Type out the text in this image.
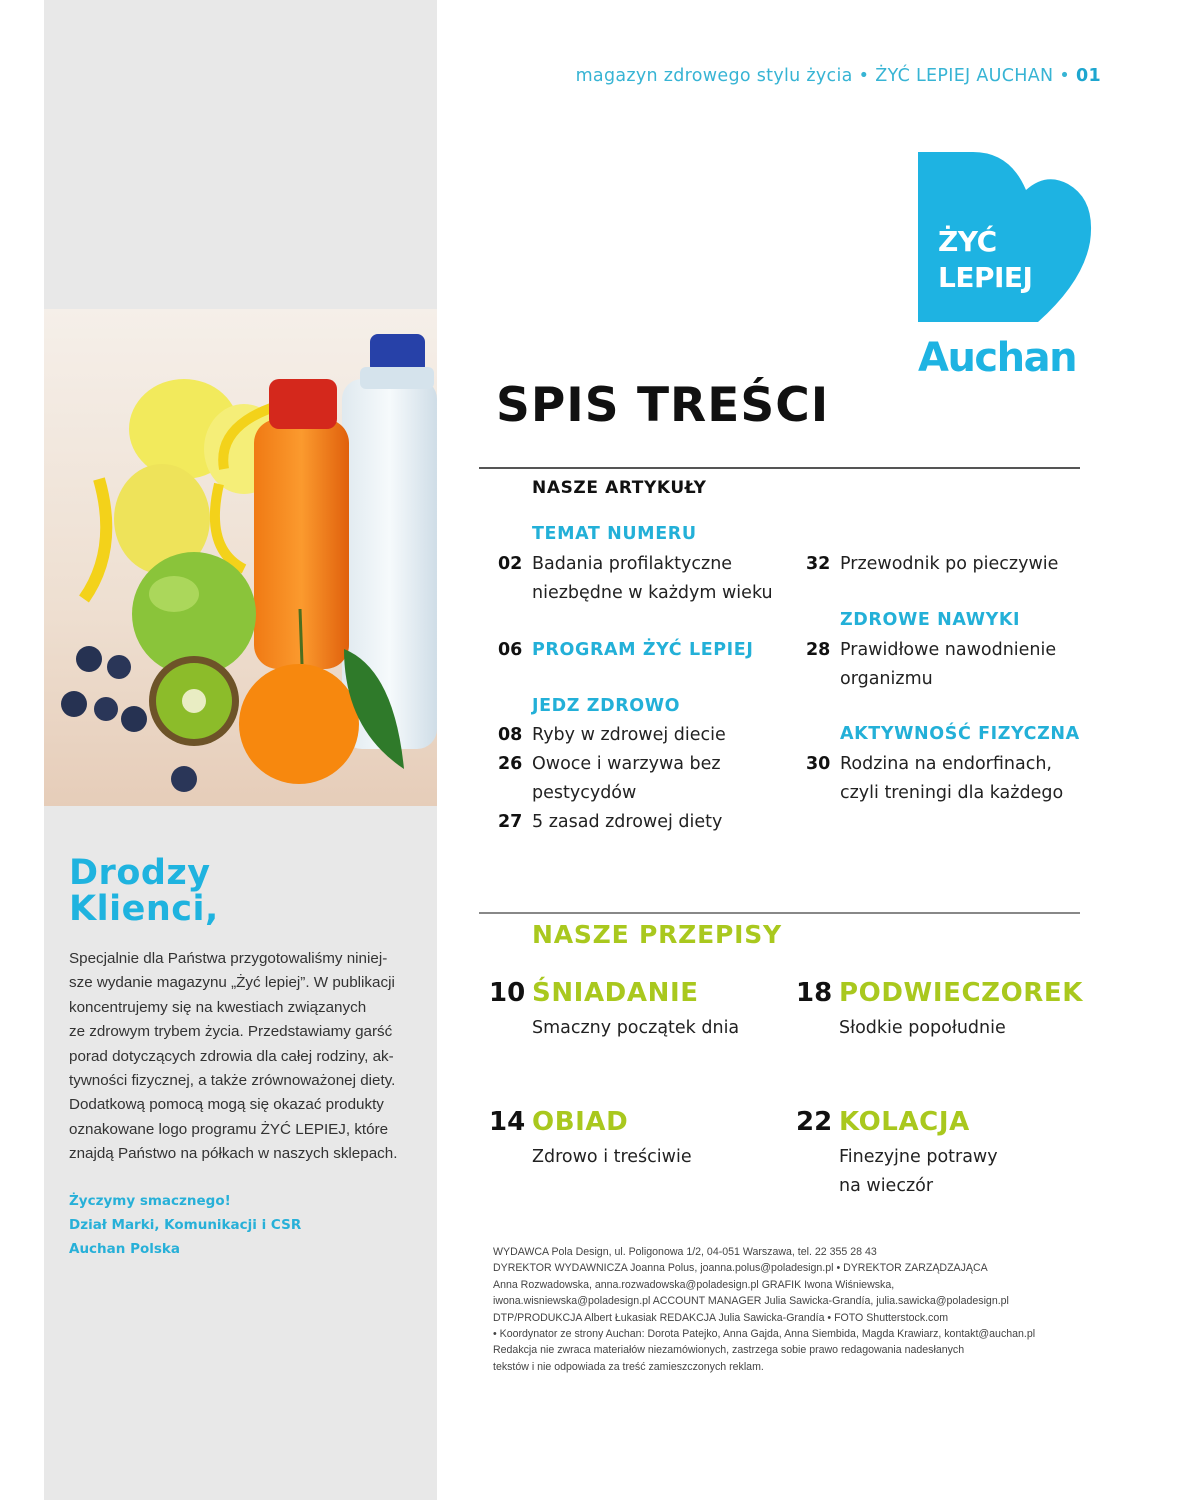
Drodzy
Klienci,
Specjalnie dla Państwa przygotowaliśmy niniej-
sze wydanie magazynu „Żyć lepiej”. W publikacji
koncentrujemy się na kwestiach związanych
ze zdrowym trybem życia. Przedstawiamy garść
porad dotyczących zdrowia dla całej rodziny, ak-
tywności fizycznej, a także zrównoważonej diety.
Dodatkową pomocą mogą się okazać produkty
oznakowane logo programu ŻYĆ LEPIEJ, które
znajdą Państwo na półkach w naszych sklepach.
Życzymy smacznego!
Dział Marki, Komunikacji i CSR
Auchan Polska
magazyn zdrowego stylu życia • ŻYĆ LEPIEJ AUCHAN • 01
ŻYĆ
LEPIEJ
Auchan
SPIS TREŚCI
NASZE ARTYKUŁY
TEMAT NUMERU
02 Badania profilaktyczne
niezbędne w każdym wieku
06 PROGRAM ŻYĆ LEPIEJ
JEDZ ZDROWO
08 Ryby w zdrowej diecie
26 Owoce i warzywa bez
pestycydów
27 5 zasad zdrowej diety
32 Przewodnik po pieczywie
ZDROWE NAWYKI
28 Prawidłowe nawodnienie
organizmu
AKTYWNOŚĆ FIZYCZNA
30 Rodzina na endorfinach,
czyli treningi dla każdego
NASZE PRZEPISY
10 ŚNIADANIE
Smaczny początek dnia
18 PODWIECZOREK
Słodkie popołudnie
14 OBIAD
Zdrowo i treściwie
22 KOLACJA
Finezyjne potrawy
na wieczór
WYDAWCA Pola Design, ul. Poligonowa 1/2, 04-051 Warszawa, tel. 22 355 28 43
DYREKTOR WYDAWNICZA Joanna Polus, joanna.polus@poladesign.pl • DYREKTOR ZARZĄDZAJĄCA
Anna Rozwadowska, anna.rozwadowska@poladesign.pl GRAFIK Iwona Wiśniewska,
iwona.wisniewska@poladesign.pl ACCOUNT MANAGER Julia Sawicka-Grandía, julia.sawicka@poladesign.pl
DTP/PRODUKCJA Albert Łukasiak REDAKCJA Julia Sawicka-Grandía • FOTO Shutterstock.com
• Koordynator ze strony Auchan: Dorota Patejko, Anna Gajda, Anna Siembida, Magda Krawiarz, kontakt@auchan.pl
Redakcja nie zwraca materiałów niezamówionych, zastrzega sobie prawo redagowania nadesłanych
tekstów i nie odpowiada za treść zamieszczonych reklam.
